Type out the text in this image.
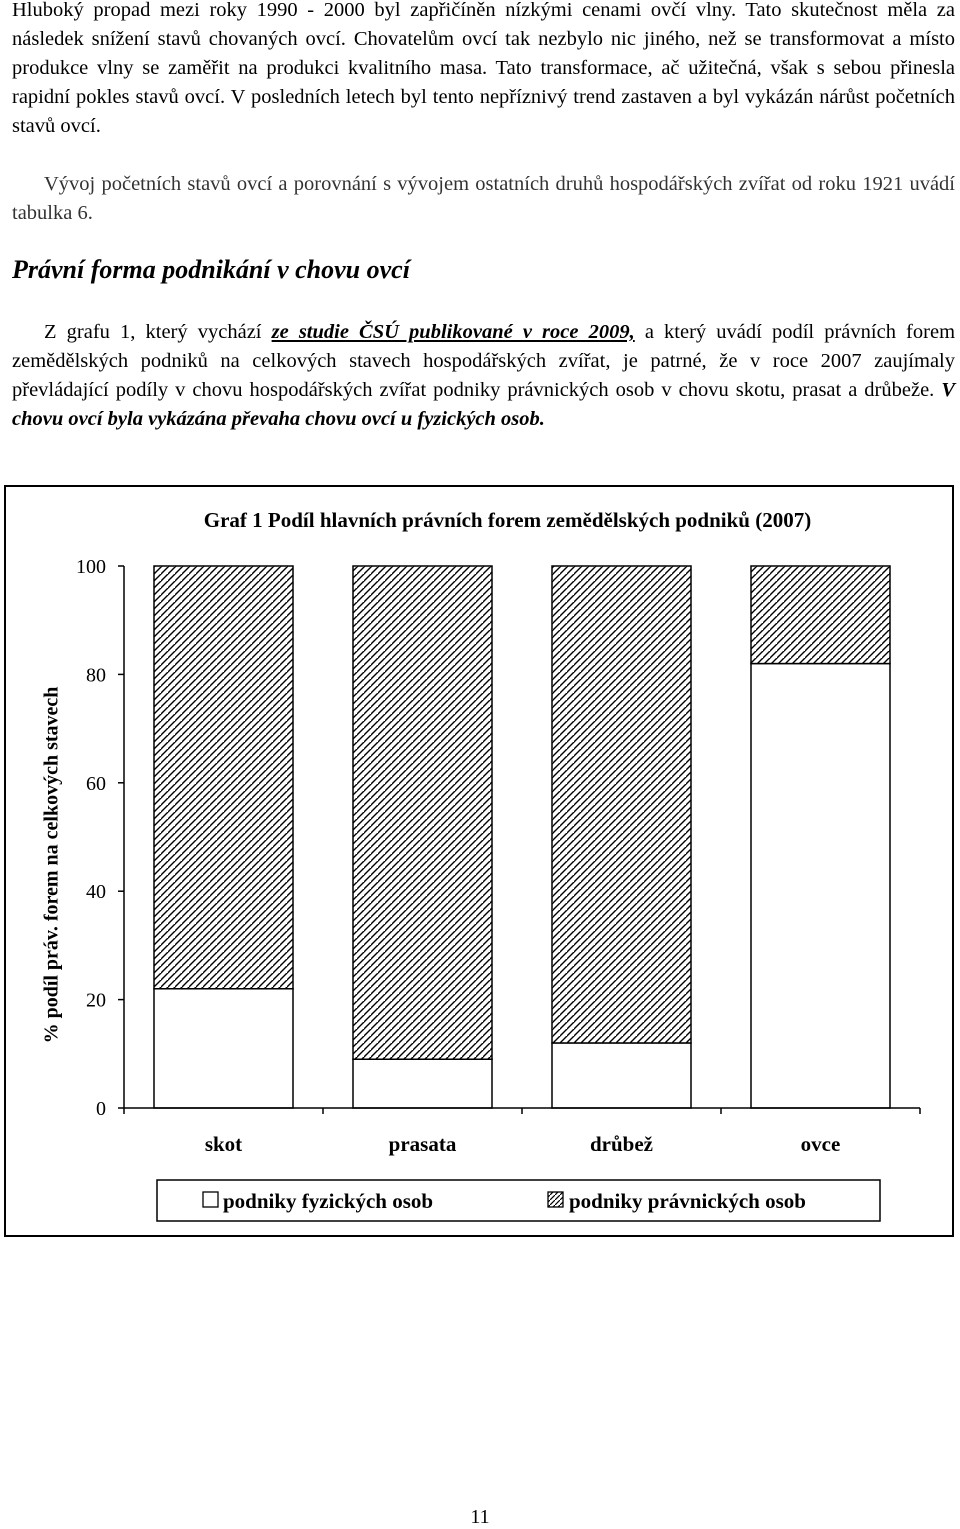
Hluboký propad mezi roky 1990 - 2000 byl zapřičíněn nízkými cenami ovčí vlny. Tato skutečnost měla za následek snížení stavů chovaných ovcí. Chovatelům ovcí tak nezbylo nic jiného, než se transformovat a místo produkce vlny se zaměřit na produkci kvalitního masa. Tato transformace, ač užitečná, však s sebou přinesla rapidní pokles stavů ovcí. V posledních letech byl tento nepříznivý trend zastaven a byl vykázán nárůst početních stavů ovcí.
Vývoj početních stavů ovcí a porovnání s vývojem ostatních druhů hospodářských zvířat od roku 1921 uvádí tabulka 6.
Právní forma podnikání v chovu ovcí
Z grafu 1, který vychází ze studie ČSÚ publikované v roce 2009, a který uvádí podíl právních forem zemědělských podniků na celkových stavech hospodářských zvířat, je patrné, že v roce 2007 zaujímaly převládající podíly v chovu hospodářských zvířat podniky právnických osob v chovu skotu, prasat a drůbeže. V chovu ovcí byla vykázána převaha chovu ovcí u fyzických osob.
Graf 1 Podíl hlavních právních forem zemědělských podniků (2007)
% podíl práv. forem na celkových stavech
0
20
40
60
80
100
skot	prasata	drůbež	ovce
podniky fyzických osob	podniky právnických osob
11
